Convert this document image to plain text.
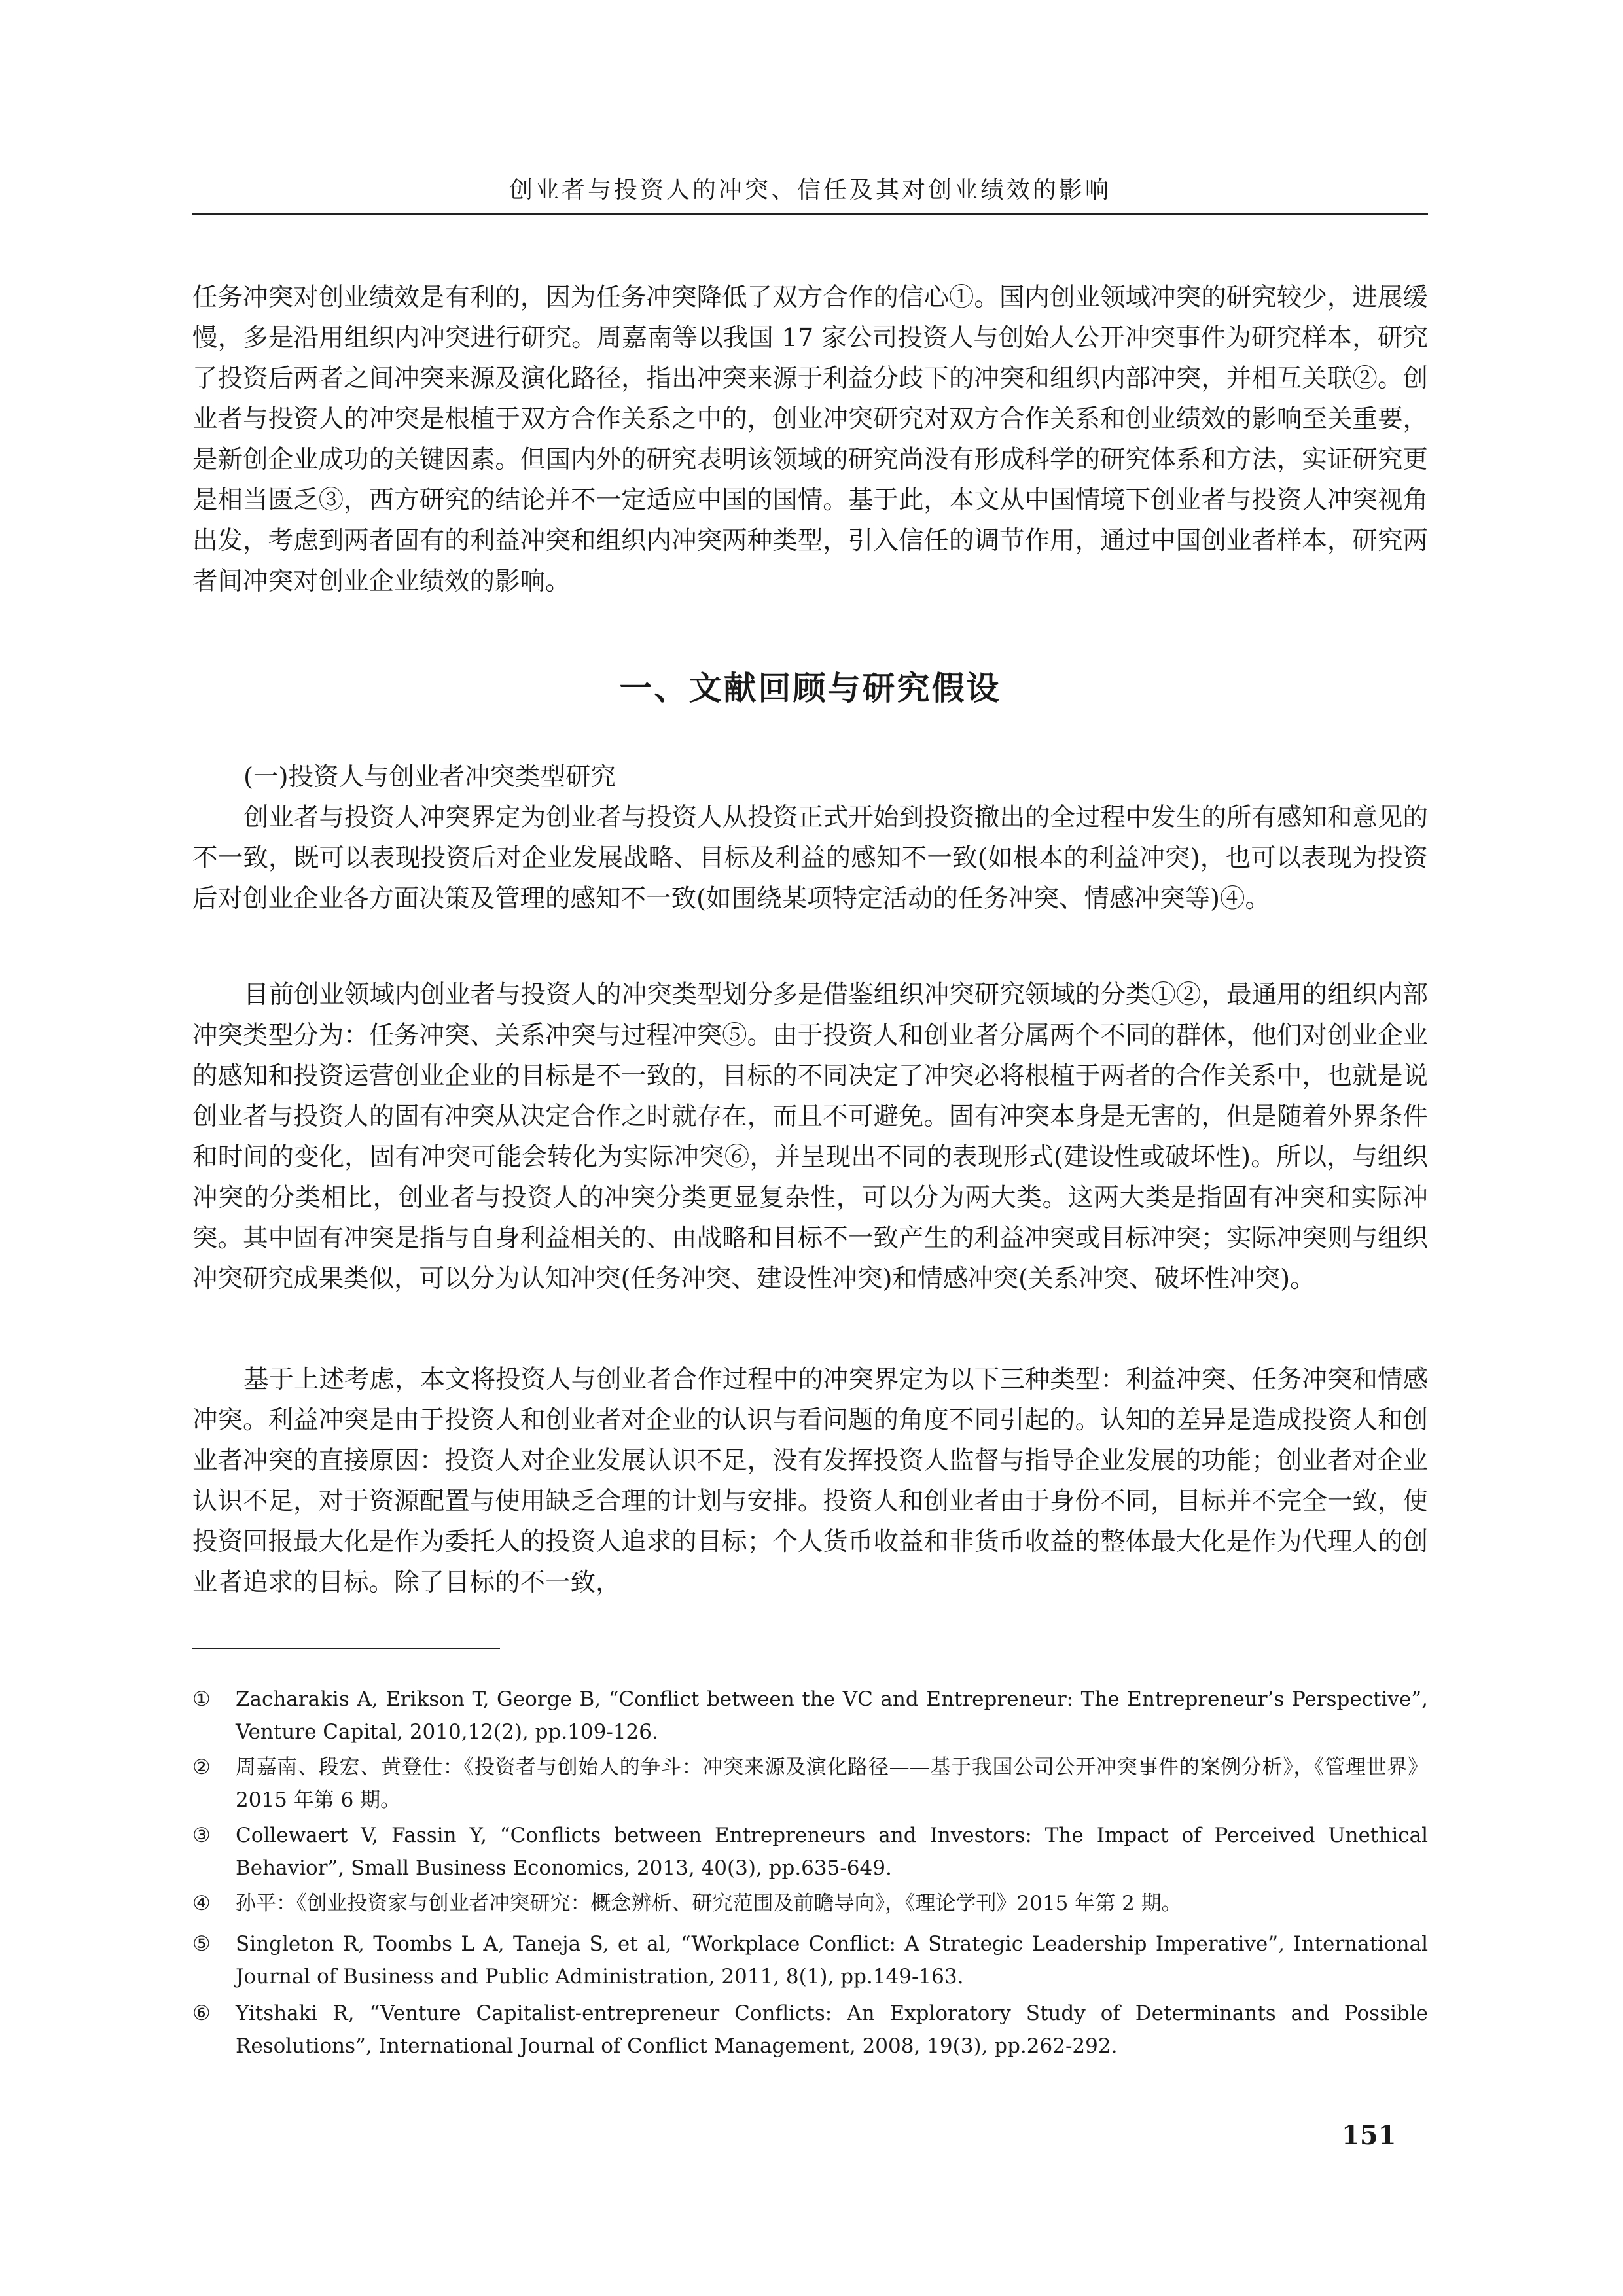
创业者与投资人的冲突、信任及其对创业绩效的影响

任务冲突对创业绩效是有利的，因为任务冲突降低了双方合作的信心①。国内创业领域冲突的研究较少，进展缓慢，多是沿用组织内冲突进行研究。周嘉南等以我国 17 家公司投资人与创始人公开冲突事件为研究样本，研究了投资后两者之间冲突来源及演化路径，指出冲突来源于利益分歧下的冲突和组织内部冲突，并相互关联②。创业者与投资人的冲突是根植于双方合作关系之中的，创业冲突研究对双方合作关系和创业绩效的影响至关重要，是新创企业成功的关键因素。但国内外的研究表明该领域的研究尚没有形成科学的研究体系和方法，实证研究更是相当匮乏③，西方研究的结论并不一定适应中国的国情。基于此，本文从中国情境下创业者与投资人冲突视角出发，考虑到两者固有的利益冲突和组织内冲突两种类型，引入信任的调节作用，通过中国创业者样本，研究两者间冲突对创业企业绩效的影响。

一、文献回顾与研究假设

(一)投资人与创业者冲突类型研究

创业者与投资人冲突界定为创业者与投资人从投资正式开始到投资撤出的全过程中发生的所有感知和意见的不一致，既可以表现投资后对企业发展战略、目标及利益的感知不一致(如根本的利益冲突)，也可以表现为投资后对创业企业各方面决策及管理的感知不一致(如围绕某项特定活动的任务冲突、情感冲突等)④。

目前创业领域内创业者与投资人的冲突类型划分多是借鉴组织冲突研究领域的分类①②，最通用的组织内部冲突类型分为：任务冲突、关系冲突与过程冲突⑤。由于投资人和创业者分属两个不同的群体，他们对创业企业的感知和投资运营创业企业的目标是不一致的，目标的不同决定了冲突必将根植于两者的合作关系中，也就是说创业者与投资人的固有冲突从决定合作之时就存在，而且不可避免。固有冲突本身是无害的，但是随着外界条件和时间的变化，固有冲突可能会转化为实际冲突⑥，并呈现出不同的表现形式(建设性或破坏性)。所以，与组织冲突的分类相比，创业者与投资人的冲突分类更显复杂性，可以分为两大类。这两大类是指固有冲突和实际冲突。其中固有冲突是指与自身利益相关的、由战略和目标不一致产生的利益冲突或目标冲突；实际冲突则与组织冲突研究成果类似，可以分为认知冲突(任务冲突、建设性冲突)和情感冲突(关系冲突、破坏性冲突)。

基于上述考虑，本文将投资人与创业者合作过程中的冲突界定为以下三种类型：利益冲突、任务冲突和情感冲突。利益冲突是由于投资人和创业者对企业的认识与看问题的角度不同引起的。认知的差异是造成投资人和创业者冲突的直接原因：投资人对企业发展认识不足，没有发挥投资人监督与指导企业发展的功能；创业者对企业认识不足，对于资源配置与使用缺乏合理的计划与安排。投资人和创业者由于身份不同，目标并不完全一致，使投资回报最大化是作为委托人的投资人追求的目标；个人货币收益和非货币收益的整体最大化是作为代理人的创业者追求的目标。除了目标的不一致，

①	Zacharakis A, Erikson T, George B, “Conflict between the VC and Entrepreneur: The Entrepreneur’s Perspective”, Venture Capital, 2010,12(2), pp.109-126.
②	周嘉南、段宏、黄登仕：《投资者与创始人的争斗：冲突来源及演化路径——基于我国公司公开冲突事件的案例分析》，《管理世界》2015 年第 6 期。
③	Collewaert V, Fassin Y, “Conflicts between Entrepreneurs and Investors: The Impact of Perceived Unethical Behavior”, Small Business Economics, 2013, 40(3), pp.635-649.
④	孙平：《创业投资家与创业者冲突研究：概念辨析、研究范围及前瞻导向》，《理论学刊》2015 年第 2 期。
⑤	Singleton R, Toombs L A, Taneja S, et al, “Workplace Conflict: A Strategic Leadership Imperative”, International Journal of Business and Public Administration, 2011, 8(1), pp.149-163.
⑥	Yitshaki R, “Venture Capitalist-entrepreneur Conflicts: An Exploratory Study of Determinants and Possible Resolutions”, International Journal of Conflict Management, 2008, 19(3), pp.262-292.
151
